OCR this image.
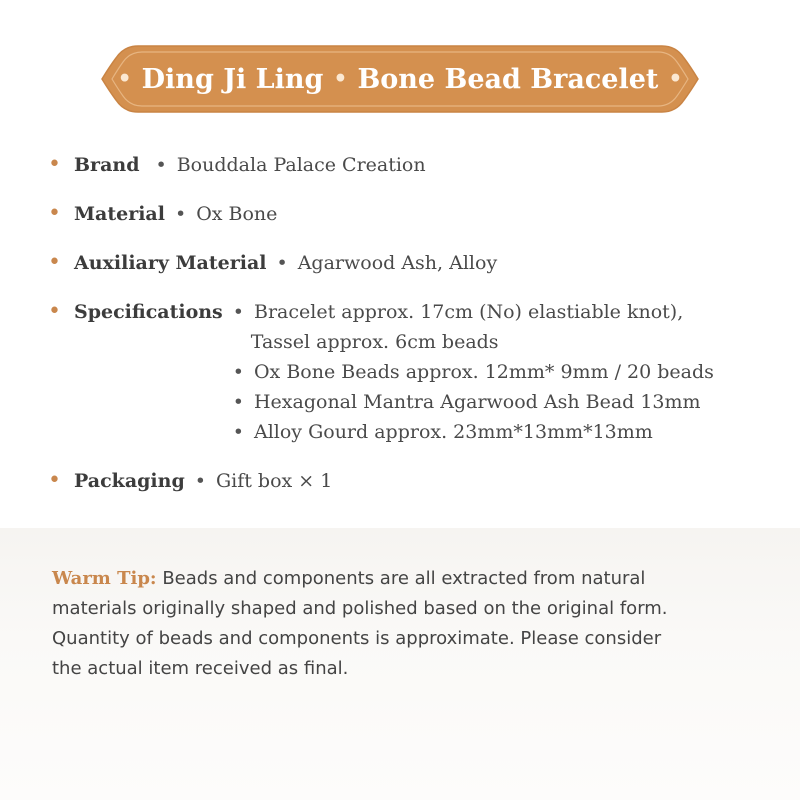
• Ding Ji Ling • Bone Bead Bracelet •
• Brand • Bouddala Palace Creation
• Material • Ox Bone
• Auxiliary Material • Agarwood Ash, Alloy
• Specifications • Bracelet approx. 17cm (No) elastiable knot),
Tassel approx. 6cm beads
• Ox Bone Beads approx. 12mm* 9mm / 20 beads
• Hexagonal Mantra Agarwood Ash Bead 13mm
• Alloy Gourd approx. 23mm*13mm*13mm
• Packaging • Gift box × 1
Warm Tip: Beads and components are all extracted from natural
materials originally shaped and polished based on the original form.
Quantity of beads and components is approximate. Please consider
the actual item received as final.
